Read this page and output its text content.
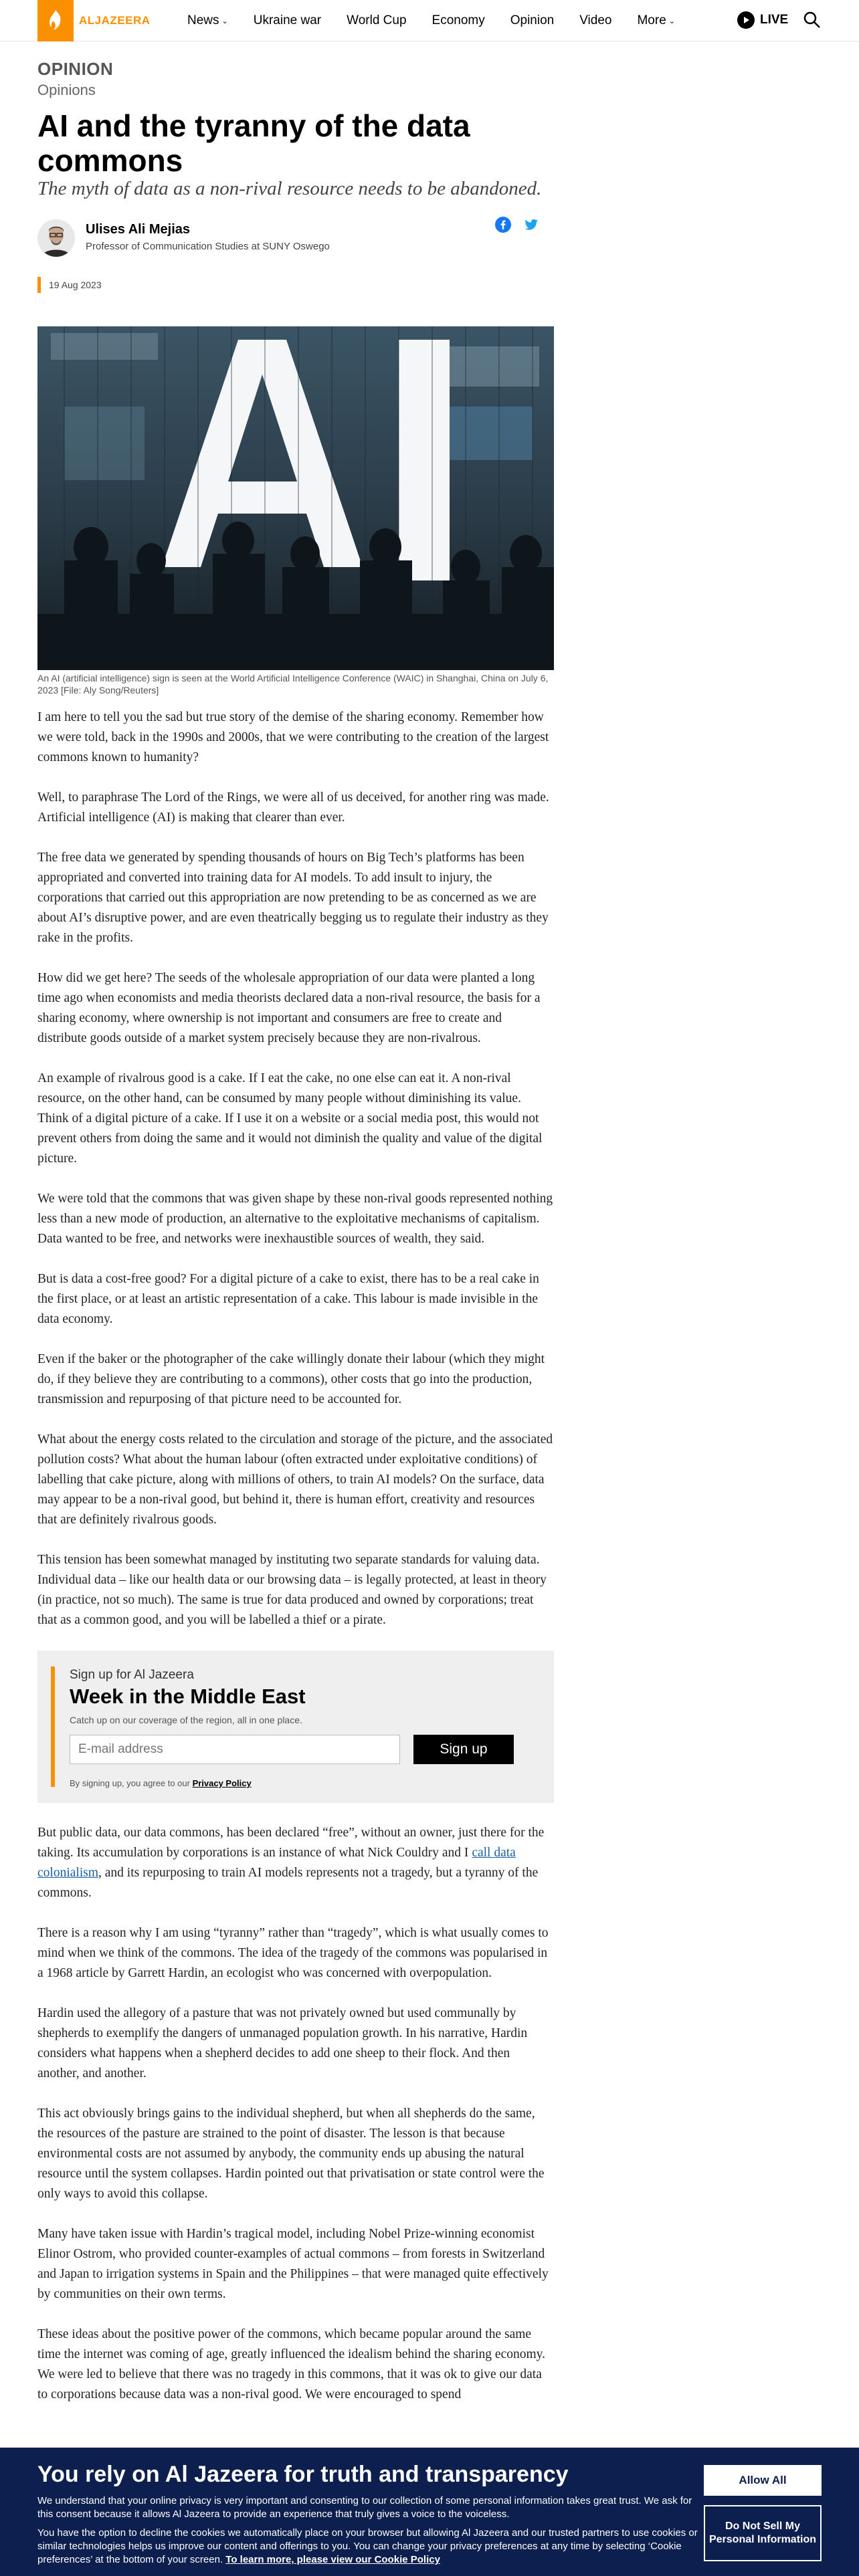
ALJAZEERA	News ⌄ Ukraine war World Cup Economy Opinion Video More ⌄	LIVE
OPINION
Opinions
AI and the tyranny of the data commons
The myth of data as a non-rival resource needs to be abandoned.
Ulises Ali Mejias
Professor of Communication Studies at SUNY Oswego
19 Aug 2023
An AI (artificial intelligence) sign is seen at the World Artificial Intelligence Conference (WAIC) in Shanghai, China on July 6, 2023 [File: Aly Song/Reuters]

I am here to tell you the sad but true story of the demise of the sharing economy. Remember how we were told, back in the 1990s and 2000s, that we were contributing to the creation of the largest commons known to humanity?

Well, to paraphrase The Lord of the Rings, we were all of us deceived, for another ring was made. Artificial intelligence (AI) is making that clearer than ever.

The free data we generated by spending thousands of hours on Big Tech’s platforms has been appropriated and converted into training data for AI models. To add insult to injury, the corporations that carried out this appropriation are now pretending to be as concerned as we are about AI’s disruptive power, and are even theatrically begging us to regulate their industry as they rake in the profits.

How did we get here? The seeds of the wholesale appropriation of our data were planted a long time ago when economists and media theorists declared data a non-rival resource, the basis for a sharing economy, where ownership is not important and consumers are free to create and distribute goods outside of a market system precisely because they are non-rivalrous.

An example of rivalrous good is a cake. If I eat the cake, no one else can eat it. A non-rival resource, on the other hand, can be consumed by many people without diminishing its value. Think of a digital picture of a cake. If I use it on a website or a social media post, this would not prevent others from doing the same and it would not diminish the quality and value of the digital picture.

We were told that the commons that was given shape by these non-rival goods represented nothing less than a new mode of production, an alternative to the exploitative mechanisms of capitalism. Data wanted to be free, and networks were inexhaustible sources of wealth, they said.

But is data a cost-free good? For a digital picture of a cake to exist, there has to be a real cake in the first place, or at least an artistic representation of a cake. This labour is made invisible in the data economy.

Even if the baker or the photographer of the cake willingly donate their labour (which they might do, if they believe they are contributing to a commons), other costs that go into the production, transmission and repurposing of that picture need to be accounted for.

What about the energy costs related to the circulation and storage of the picture, and the associated pollution costs? What about the human labour (often extracted under exploitative conditions) of labelling that cake picture, along with millions of others, to train AI models? On the surface, data may appear to be a non-rival good, but behind it, there is human effort, creativity and resources that are definitely rivalrous goods.

This tension has been somewhat managed by instituting two separate standards for valuing data. Individual data – like our health data or our browsing data – is legally protected, at least in theory (in practice, not so much). The same is true for data produced and owned by corporations; treat that as a common good, and you will be labelled a thief or a pirate.

Sign up for Al Jazeera
Week in the Middle East
Catch up on our coverage of the region, all in one place.
E-mail address
Sign up
By signing up, you agree to our Privacy Policy

But public data, our data commons, has been declared “free”, without an owner, just there for the taking. Its accumulation by corporations is an instance of what Nick Couldry and I call data colonialism, and its repurposing to train AI models represents not a tragedy, but a tyranny of the commons.

There is a reason why I am using “tyranny” rather than “tragedy”, which is what usually comes to mind when we think of the commons. The idea of the tragedy of the commons was popularised in a 1968 article by Garrett Hardin, an ecologist who was concerned with overpopulation.

Hardin used the allegory of a pasture that was not privately owned but used communally by shepherds to exemplify the dangers of unmanaged population growth. In his narrative, Hardin considers what happens when a shepherd decides to add one sheep to their flock. And then another, and another.

This act obviously brings gains to the individual shepherd, but when all shepherds do the same, the resources of the pasture are strained to the point of disaster. The lesson is that because environmental costs are not assumed by anybody, the community ends up abusing the natural resource until the system collapses. Hardin pointed out that privatisation or state control were the only ways to avoid this collapse.

Many have taken issue with Hardin’s tragical model, including Nobel Prize-winning economist Elinor Ostrom, who provided counter-examples of actual commons – from forests in Switzerland and Japan to irrigation systems in Spain and the Philippines – that were managed quite effectively by communities on their own terms.

These ideas about the positive power of the commons, which became popular around the same time the internet was coming of age, greatly influenced the idealism behind the sharing economy. We were led to believe that there was no tragedy in this commons, that it was ok to give our data to corporations because data was a non-rival good. We were encouraged to spend

You rely on Al Jazeera for truth and transparency
We understand that your online privacy is very important and consenting to our collection of some personal information takes great trust. We ask for this consent because it allows Al Jazeera to provide an experience that truly gives a voice to the voiceless.
You have the option to decline the cookies we automatically place on your browser but allowing Al Jazeera and our trusted partners to use cookies or similar technologies helps us improve our content and offerings to you. You can change your privacy preferences at any time by selecting ‘Cookie preferences’ at the bottom of your screen. To learn more, please view our Cookie Policy
Allow All
Do Not Sell My Personal Information
